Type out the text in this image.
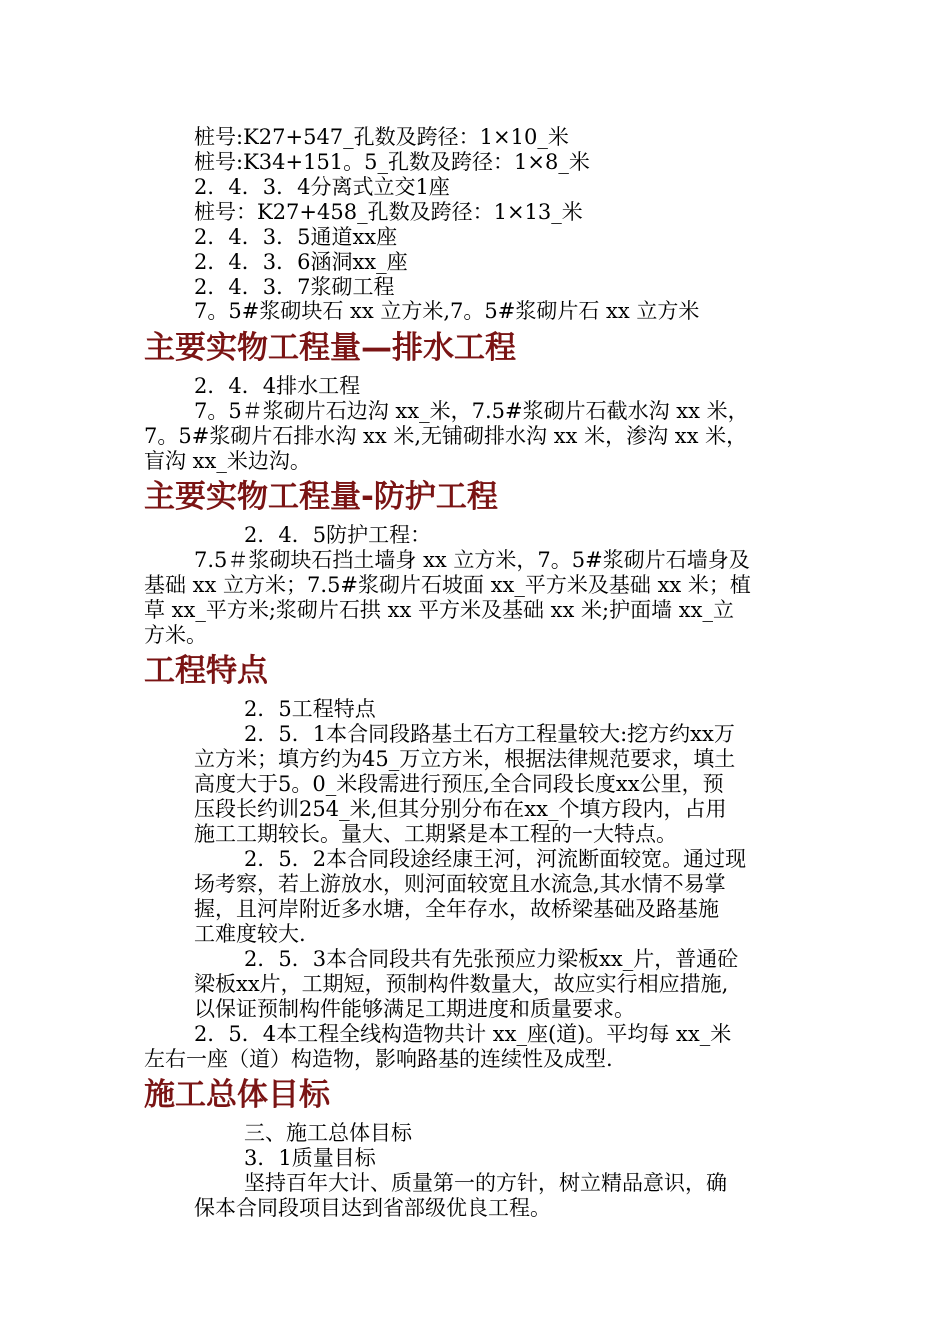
桩号:K27+547_孔数及跨径：1×10_米
桩号:K34+151。5_孔数及跨径：1×8_米
2．4．3．4分离式立交1座
桩号：K27+458_孔数及跨径：1×13_米
2．4．3．5通道xx座
2．4．3．6涵洞xx_座
2．4．3．7浆砌工程
7。5#浆砌块石 xx 立方米,7。5#浆砌片石 xx 立方米
主要实物工程量—排水工程
2．4．4排水工程
7。5＃浆砌片石边沟 xx_米，7.5#浆砌片石截水沟 xx 米，
7。5#浆砌片石排水沟 xx 米,无铺砌排水沟 xx 米，渗沟 xx 米，
盲沟 xx_米边沟。
主要实物工程量-防护工程
2．4．5防护工程：
7.5＃浆砌块石挡土墙身 xx 立方米，7。5#浆砌片石墙身及
基础 xx 立方米；7.5#浆砌片石坡面 xx_平方米及基础 xx 米；植
草 xx_平方米;浆砌片石拱 xx 平方米及基础 xx 米;护面墙 xx_立
方米。
工程特点
2．5工程特点
2．5．1本合同段路基土石方工程量较大:挖方约xx万
立方米；填方约为45_万立方米，根据法律规范要求，填土
高度大于5。0_米段需进行预压,全合同段长度xx公里，预
压段长约训254_米,但其分别分布在xx_个填方段内，占用
施工工期较长。量大、工期紧是本工程的一大特点。
2．5．2本合同段途经康王河，河流断面较宽。通过现
场考察，若上游放水，则河面较宽且水流急,其水情不易掌
握，且河岸附近多水塘，全年存水，故桥梁基础及路基施
工难度较大.
2．5．3本合同段共有先张预应力梁板xx_片，普通砼
梁板xx片，工期短，预制构件数量大，故应实行相应措施,
以保证预制构件能够满足工期进度和质量要求。
2．5．4本工程全线构造物共计 xx_座(道)。平均每 xx_米
左右一座（道）构造物，影响路基的连续性及成型.
施工总体目标
三、施工总体目标
3．1质量目标
坚持百年大计、质量第一的方针，树立精品意识，确
保本合同段项目达到省部级优良工程。
